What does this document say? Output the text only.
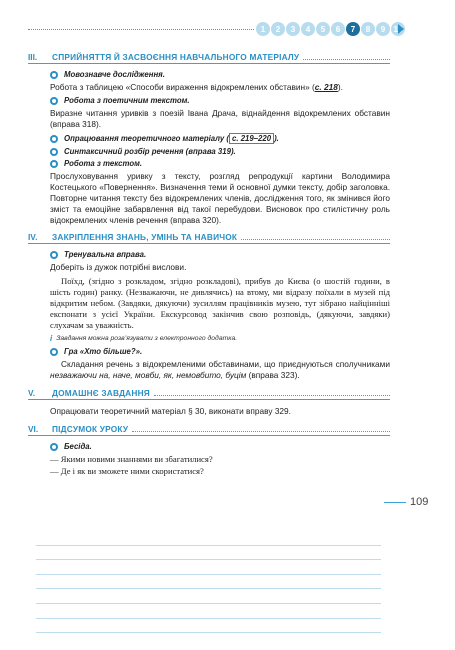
1	2	3	4	5	6	7	8	9	10
III.	СПРИЙНЯТТЯ Й ЗАСВОЄННЯ НАВЧАЛЬНОГО МАТЕРІАЛУ
Мовознавче дослідження.
Робота з таблицею «Способи вираження відокремлених обставин» (с. 218).
Робота з поетичним текстом.
Виразне читання уривків з поезій Івана Драча, віднайдення відокремлених обставин (вправа 318).
Опрацювання теоретичного матеріалу ( с. 219–220 ).
Синтаксичний розбір речення (вправа 319).
Робота з текстом.
Прослуховування уривку з тексту, розгляд репродукції картини Володимира Костецького «Повернення». Визначення теми й основної думки тексту, добір заголовка. Повторне читання тексту без відокремлених членів, дослідження того, як змінився його зміст та емоційне забарвлення від такої перебудови. Висновок про стилістичну роль відокремлених членів речення (вправа 320).
IV.	ЗАКРІПЛЕННЯ ЗНАНЬ, УМІНЬ ТА НАВИЧОК
Тренувальна вправа.
Доберіть із дужок потрібні вислови.
Поїхд, (згідно з розкладом, згідно розкладові), прибув до Києва (о шостій години, в шість годин) ранку. (Незважаючи, не дивлячись) на втому, ми відразу поїхали в музей під відкритим небом. (Завдяки, дякуючи) зусиллям працівників музею, тут зібрано найцінніші експонати з усієї України. Екскурсовод закінчив свою розповідь, (дякуючи, завдяки) слухачам за уважність.
i Завдання можна розв’язувати з електронного додатка.
Гра «Хто більше?».
Складання речень з відокремленими обставинами, що приєднуються сполучниками незважаючи на, наче, мовби, як, немовбито, буцім (вправа 323).
V.	ДОМАШНЄ ЗАВДАННЯ
Опрацювати теоретичний матеріал § 30, виконати вправу 329.
VI.	ПІДСУМОК УРОКУ
Бесіда.
— Якими новими знаннями ви збагатилися?
— Де і як ви зможете ними скористатися?
109
